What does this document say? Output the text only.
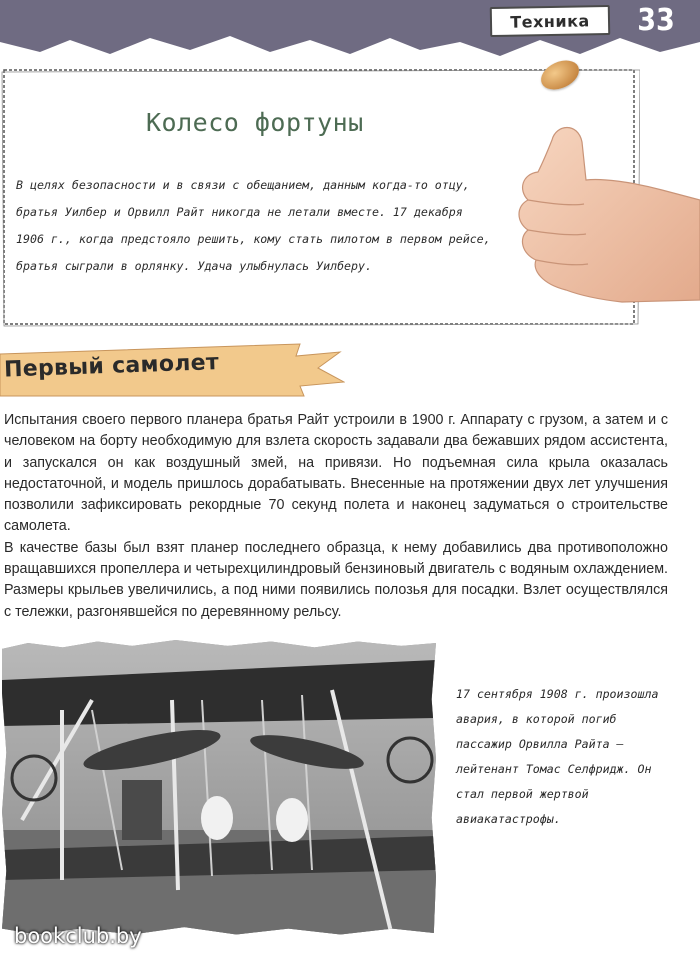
Техника	33
Колесо фортуны
В целях безопасности и в связи с обещанием, данным когда-то отцу, братья Уилбер и Орвилл Райт никогда не летали вместе. 17 декабря 1906 г., когда предстояло решить, кому стать пилотом в первом рейсе, братья сыграли в орлянку. Удача улыбнулась Уилберу.
Первый самолет

Испытания своего первого планера братья Райт устроили в 1900 г. Аппарату с грузом, а затем и с человеком на борту необходимую для взлета скорость задавали два бежавших рядом ассистента, и запускался он как воздушный змей, на привязи. Но подъемная сила крыла оказалась недостаточной, и модель пришлось дорабатывать. Внесенные на протяжении двух лет улучшения позволили зафиксировать рекордные 70 секунд полета и наконец задуматься о строительстве самолета.

В качестве базы был взят планер последнего образца, к нему добавились два противоположно вращавшихся пропеллера и четырехцилиндровый бензиновый двигатель с водяным охлаждением. Размеры крыльев увеличились, а под ними появились полозья для посадки. Взлет осуществлялся с тележки, разгонявшейся по деревянному рельсу.

17 сентября 1908 г. произошла авария, в которой погиб пассажир Орвилла Райта — лейтенант Томас Селфридж. Он стал первой жертвой авиакатастрофы.
bookclub.by
